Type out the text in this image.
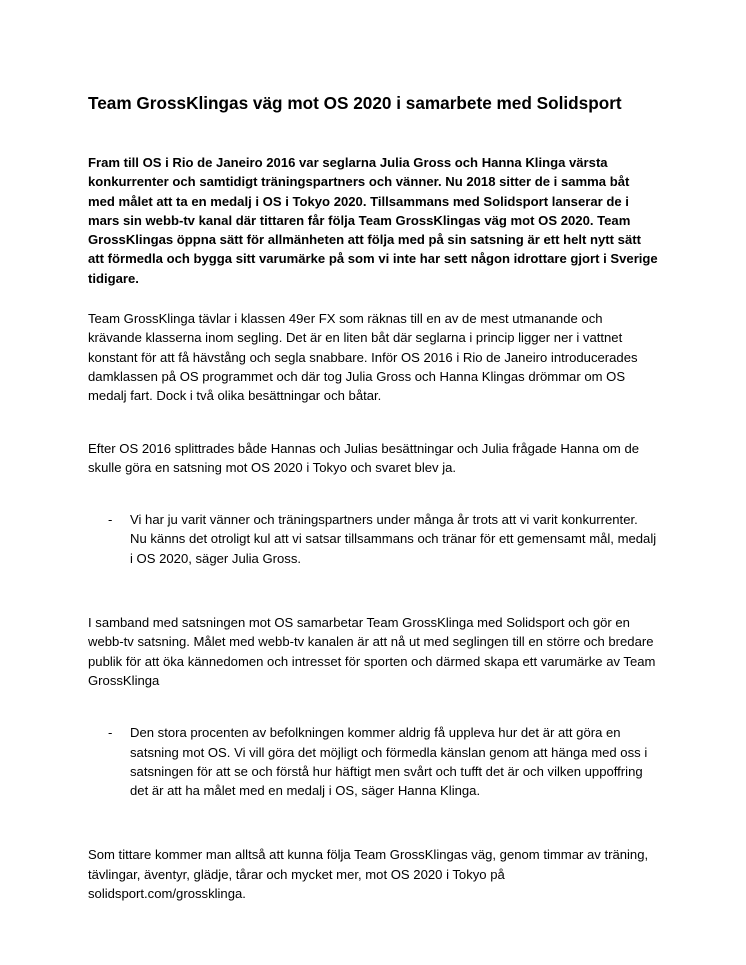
Team GrossKlingas väg mot OS 2020 i samarbete med Solidsport

Fram till OS i Rio de Janeiro 2016 var seglarna Julia Gross och Hanna Klinga värsta konkurrenter och samtidigt träningspartners och vänner. Nu 2018 sitter de i samma båt med målet att ta en medalj i OS i Tokyo 2020. Tillsammans med Solidsport lanserar de i mars sin webb-tv kanal där tittaren får följa Team GrossKlingas väg mot OS 2020. Team GrossKlingas öppna sätt för allmänheten att följa med på sin satsning är ett helt nytt sätt att förmedla och bygga sitt varumärke på som vi inte har sett någon idrottare gjort i Sverige tidigare.

Team GrossKlinga tävlar i klassen 49er FX som räknas till en av de mest utmanande och krävande klasserna inom segling. Det är en liten båt där seglarna i princip ligger ner i vattnet konstant för att få hävstång och segla snabbare. Inför OS 2016 i Rio de Janeiro introducerades damklassen på OS programmet och där tog Julia Gross och Hanna Klingas drömmar om OS medalj fart. Dock i två olika besättningar och båtar.

Efter OS 2016 splittrades både Hannas och Julias besättningar och Julia frågade Hanna om de skulle göra en satsning mot OS 2020 i Tokyo och svaret blev ja.

- Vi har ju varit vänner och träningspartners under många år trots att vi varit konkurrenter. Nu känns det otroligt kul att vi satsar tillsammans och tränar för ett gemensamt mål, medalj i OS 2020, säger Julia Gross.

I samband med satsningen mot OS samarbetar Team GrossKlinga med Solidsport och gör en webb-tv satsning. Målet med webb-tv kanalen är att nå ut med seglingen till en större och bredare publik för att öka kännedomen och intresset för sporten och därmed skapa ett varumärke av Team GrossKlinga

- Den stora procenten av befolkningen kommer aldrig få uppleva hur det är att göra en satsning mot OS. Vi vill göra det möjligt och förmedla känslan genom att hänga med oss i satsningen för att se och förstå hur häftigt men svårt och tufft det är och vilken uppoffring det är att ha målet med en medalj i OS, säger Hanna Klinga.

Som tittare kommer man alltså att kunna följa Team GrossKlingas väg, genom timmar av träning, tävlingar, äventyr, glädje, tårar och mycket mer, mot OS 2020 i Tokyo på solidsport.com/grossklinga.
